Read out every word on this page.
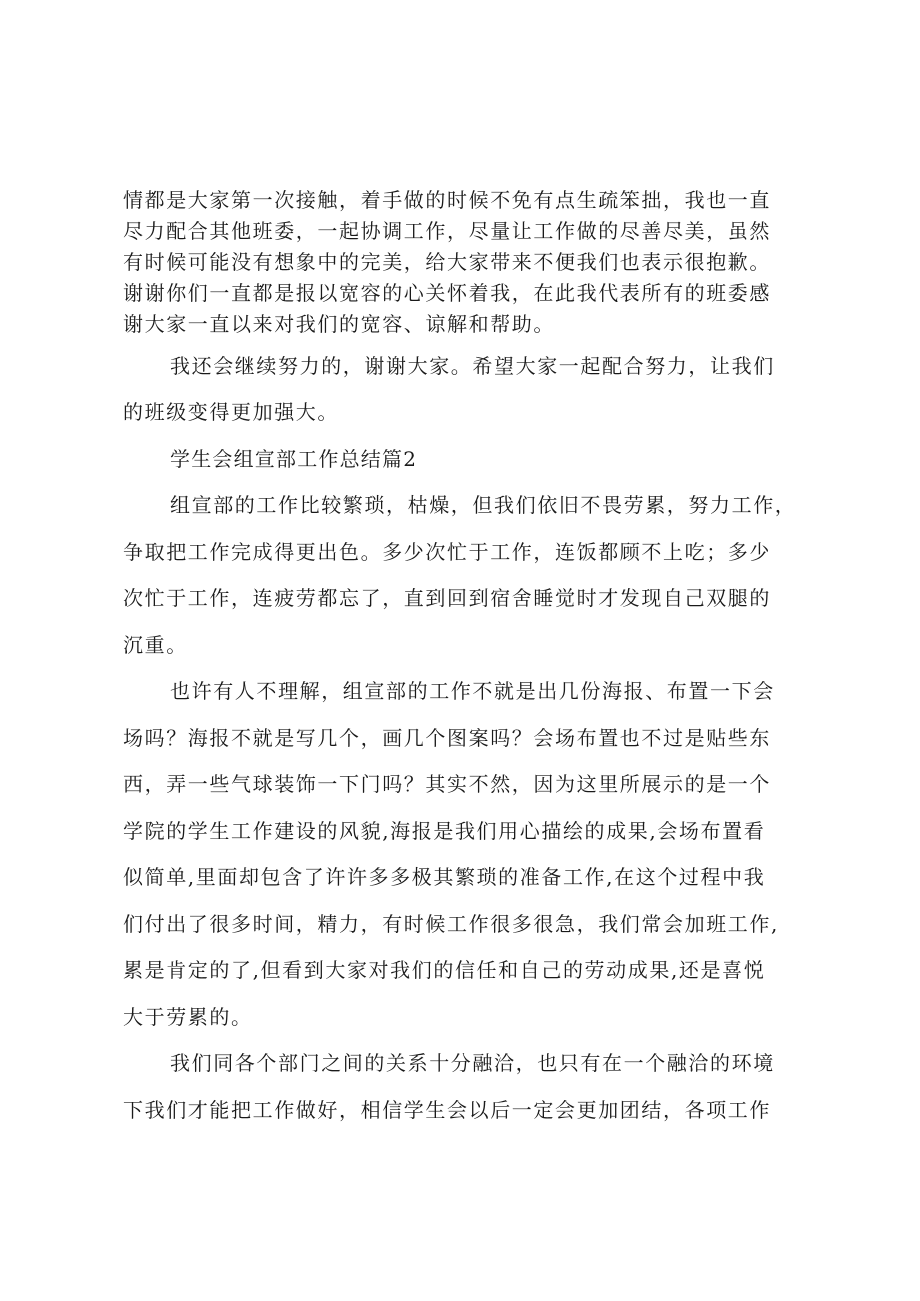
情都是大家第一次接触，着手做的时候不免有点生疏笨拙，我也一直

尽力配合其他班委，一起协调工作，尽量让工作做的尽善尽美，虽然

有时候可能没有想象中的完美，给大家带来不便我们也表示很抱歉。

谢谢你们一直都是报以宽容的心关怀着我，在此我代表所有的班委感

谢大家一直以来对我们的宽容、谅解和帮助。

我还会继续努力的，谢谢大家。希望大家一起配合努力，让我们

的班级变得更加强大。

学生会组宣部工作总结篇2

组宣部的工作比较繁琐，枯燥，但我们依旧不畏劳累，努力工作，

争取把工作完成得更出色。多少次忙于工作，连饭都顾不上吃；多少

次忙于工作，连疲劳都忘了，直到回到宿舍睡觉时才发现自己双腿的

沉重。

也许有人不理解，组宣部的工作不就是出几份海报、布置一下会

场吗？海报不就是写几个，画几个图案吗？会场布置也不过是贴些东

西，弄一些气球装饰一下门吗？其实不然，因为这里所展示的是一个

学院的学生工作建设的风貌,海报是我们用心描绘的成果,会场布置看

似简单,里面却包含了许许多多极其繁琐的准备工作,在这个过程中我

们付出了很多时间，精力，有时候工作很多很急，我们常会加班工作,

累是肯定的了,但看到大家对我们的信任和自己的劳动成果,还是喜悦

大于劳累的。

我们同各个部门之间的关系十分融洽，也只有在一个融洽的环境

下我们才能把工作做好，相信学生会以后一定会更加团结，各项工作
